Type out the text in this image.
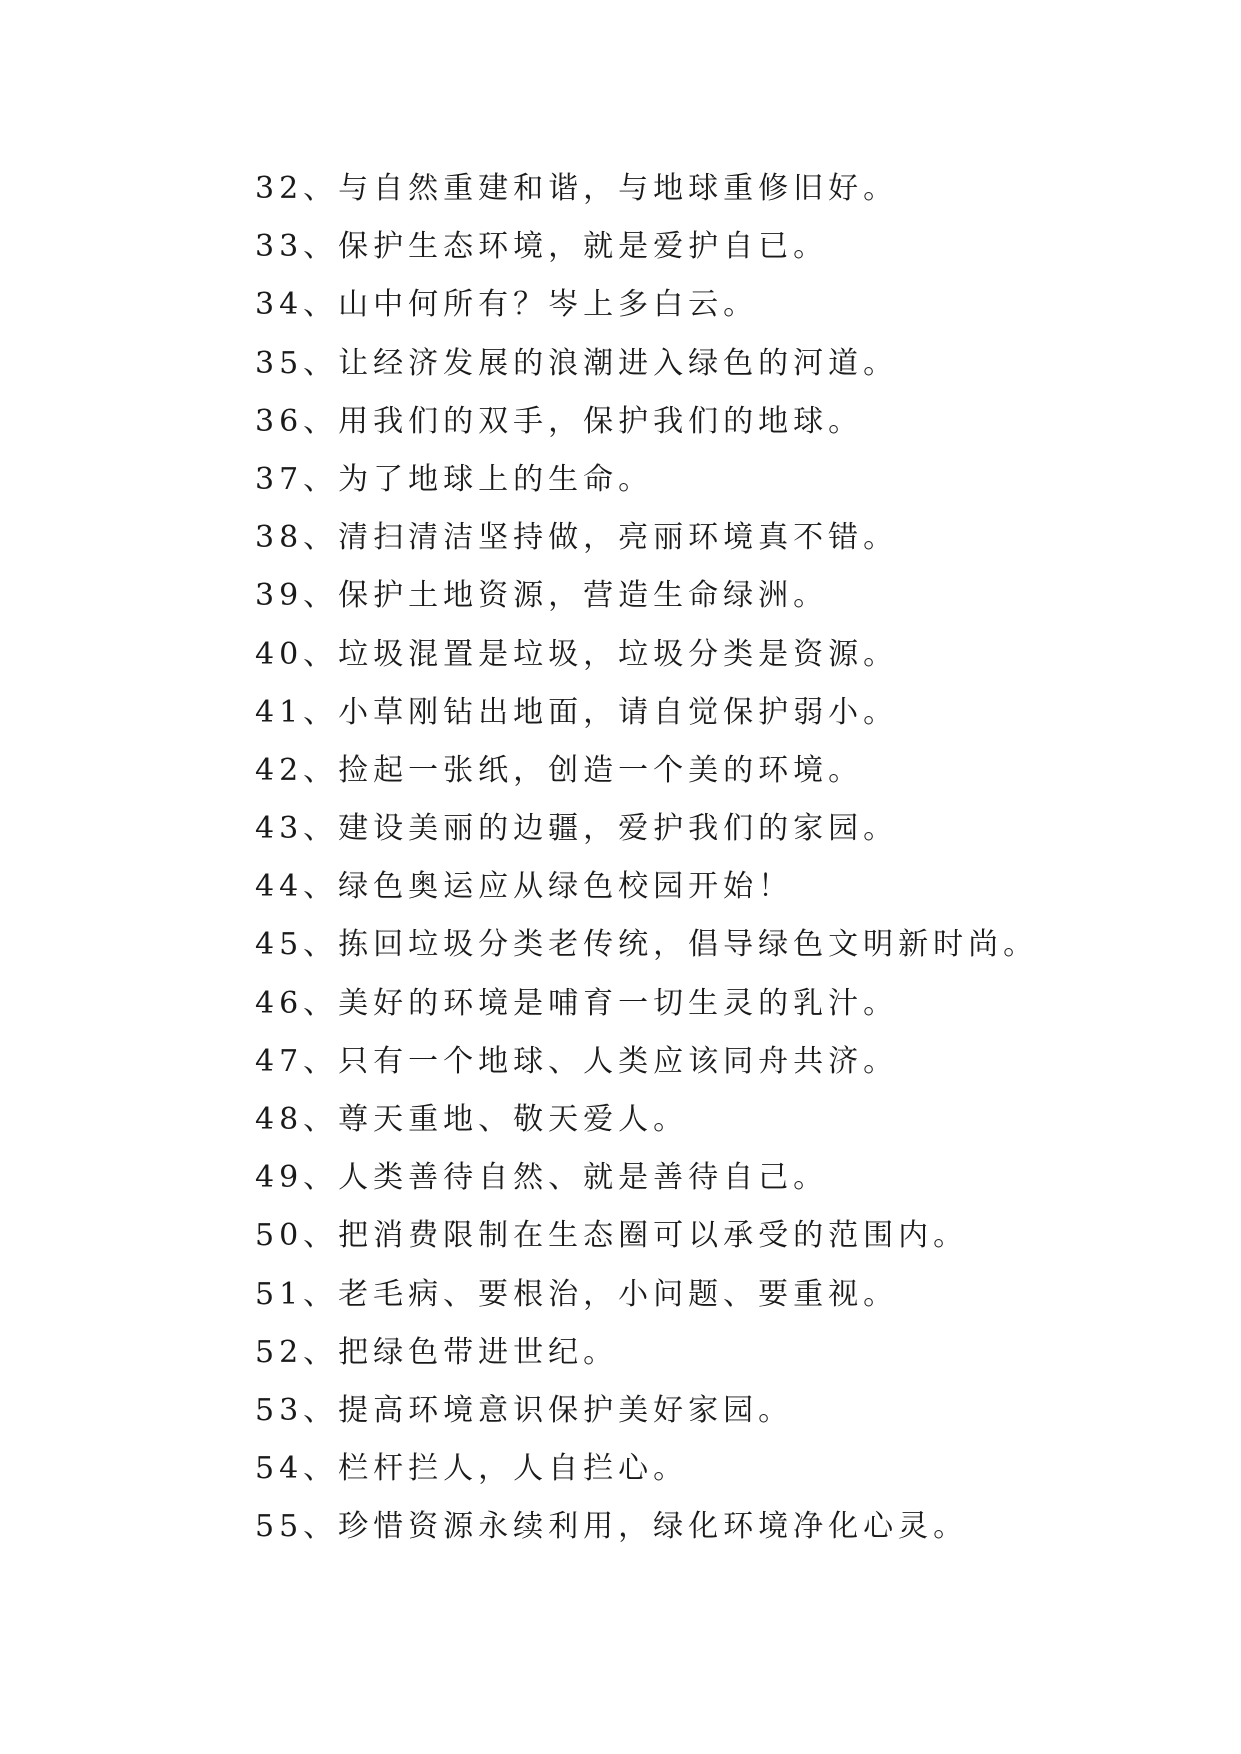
32、与自然重建和谐，与地球重修旧好。
33、保护生态环境，就是爱护自已。
34、山中何所有？岑上多白云。
35、让经济发展的浪潮进入绿色的河道。
36、用我们的双手，保护我们的地球。
37、为了地球上的生命。
38、清扫清洁坚持做，亮丽环境真不错。
39、保护土地资源，营造生命绿洲。
40、垃圾混置是垃圾，垃圾分类是资源。
41、小草刚钻出地面，请自觉保护弱小。
42、捡起一张纸，创造一个美的环境。
43、建设美丽的边疆，爱护我们的家园。
44、绿色奥运应从绿色校园开始！
45、拣回垃圾分类老传统，倡导绿色文明新时尚。
46、美好的环境是哺育一切生灵的乳汁。
47、只有一个地球、人类应该同舟共济。
48、尊天重地、敬天爱人。
49、人类善待自然、就是善待自己。
50、把消费限制在生态圈可以承受的范围内。
51、老毛病、要根治，小问题、要重视。
52、把绿色带进世纪。
53、提高环境意识保护美好家园。
54、栏杆拦人，人自拦心。
55、珍惜资源永续利用，绿化环境净化心灵。
